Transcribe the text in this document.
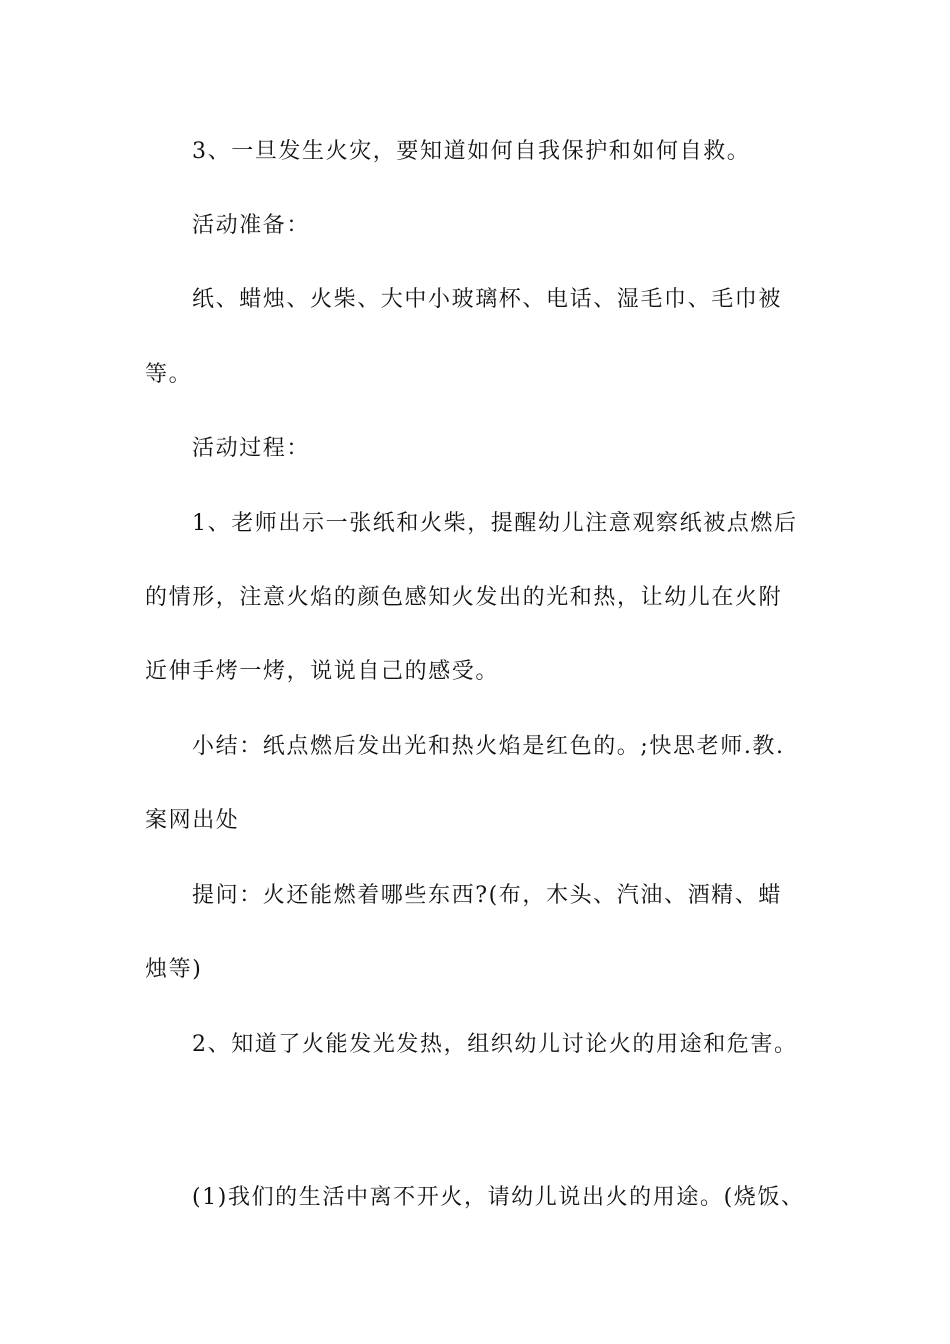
3、一旦发生火灾，要知道如何自我保护和如何自救。
活动准备：
纸、蜡烛、火柴、大中小玻璃杯、电话、湿毛巾、毛巾被
等。
活动过程：
1、老师出示一张纸和火柴，提醒幼儿注意观察纸被点燃后
的情形，注意火焰的颜色感知火发出的光和热，让幼儿在火附
近伸手烤一烤，说说自己的感受。
小结：纸点燃后发出光和热火焰是红色的。;快思老师.教.
案网出处
提问：火还能燃着哪些东西?(布，木头、汽油、酒精、蜡
烛等)
2、知道了火能发光发热，组织幼儿讨论火的用途和危害。
(1)我们的生活中离不开火，请幼儿说出火的用途。(烧饭、
